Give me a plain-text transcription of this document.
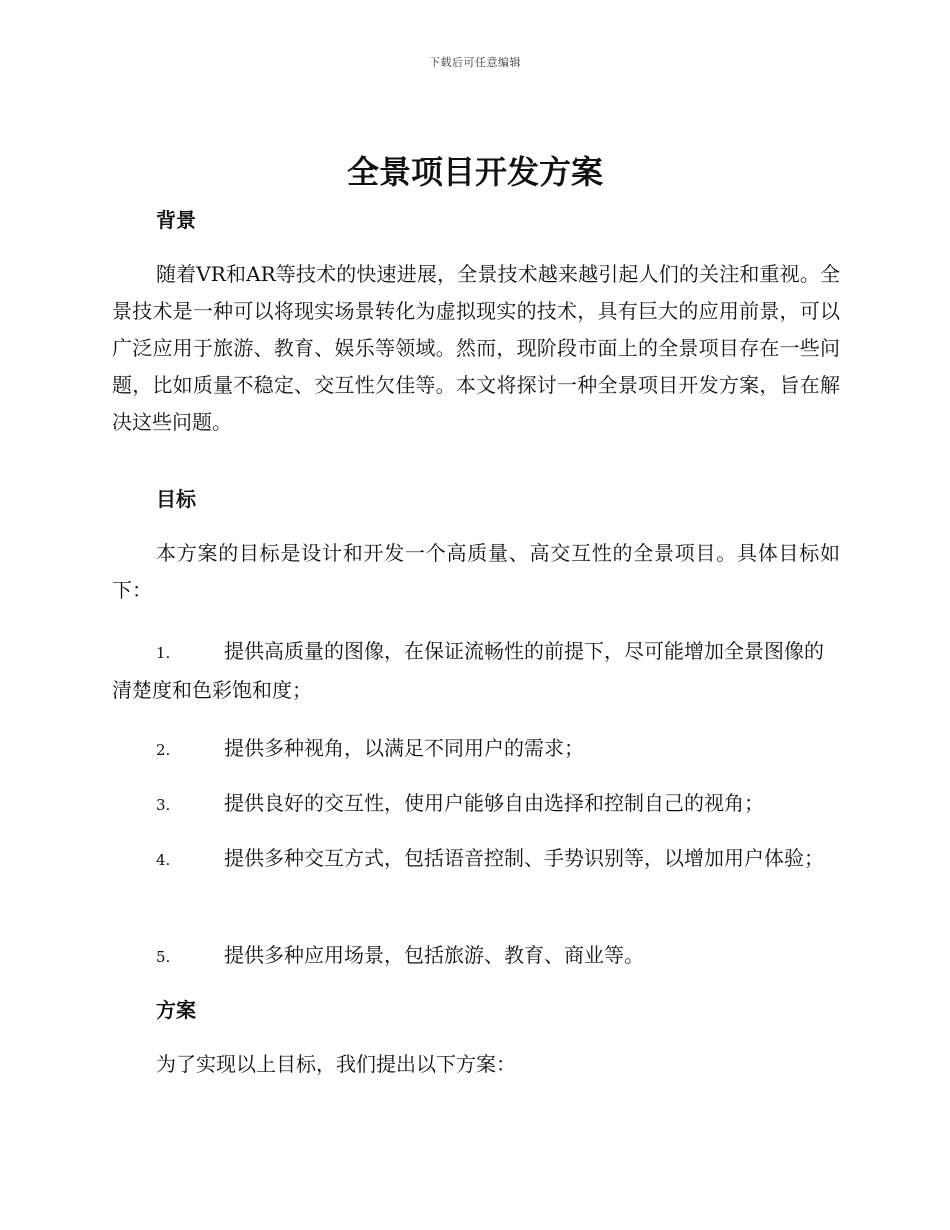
下载后可任意编辑
全景项目开发方案
背景

随着VR和AR等技术的快速进展，全景技术越来越引起人们的关注和重视。全景技术是一种可以将现实场景转化为虚拟现实的技术，具有巨大的应用前景，可以广泛应用于旅游、教育、娱乐等领域。然而，现阶段市面上的全景项目存在一些问题，比如质量不稳定、交互性欠佳等。本文将探讨一种全景项目开发方案，旨在解决这些问题。

目标

本方案的目标是设计和开发一个高质量、高交互性的全景项目。具体目标如下：

1.	提供高质量的图像，在保证流畅性的前提下，尽可能增加全景图像的清楚度和色彩饱和度；

2.	提供多种视角，以满足不同用户的需求；

3.	提供良好的交互性，使用户能够自由选择和控制自己的视角；

4.	提供多种交互方式，包括语音控制、手势识别等，以增加用户体验；

5.	提供多种应用场景，包括旅游、教育、商业等。

方案

为了实现以上目标，我们提出以下方案：
